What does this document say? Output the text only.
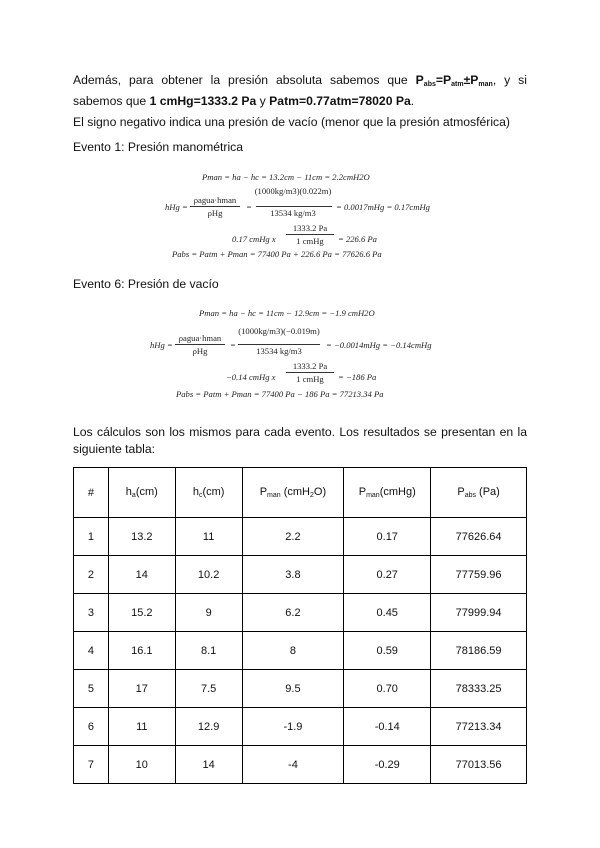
Además, para obtener la presión absoluta sabemos que $P_{abs}=P_{atm}\pm P_{man}$, y si sabemos que 1 cmHg=1333.2 Pa y Patm=0.77atm=78020 Pa.
El signo negativo indica una presión de vacío (menor que la presión atmosférica)
Evento 1: Presión manométrica
Pman = ha − hc = 13.2cm − 11cm = 2.2cmH2O
hHg =
ρagua·hman
ρHg
=
(1000kg/m3)(0.022m)
13534 kg/m3
= 0.0017mHg = 0.17cmHg
0.17 cmHg x
1333.2 Pa
1 cmHg	= 226.6 Pa
Pabs = Patm + Pman = 77400 Pa + 226.6 Pa = 77626.6 Pa
Evento 6: Presión de vacío
Pman = ha − hc = 11cm − 12.9cm = −1.9 cmH2O
hHg =
ρagua·hman
ρHg
=
(1000kg/m3)(−0.019m)
13534 kg/m3
= −0.0014mHg = −0.14cmHg
−0.14 cmHg x
1333.2 Pa
1 cmHg	= −186 Pa
Pabs = Patm + Pman = 77400 Pa − 186 Pa = 77213.34 Pa
Los cálculos son los mismos para cada evento. Los resultados se presentan en la siguiente tabla:
#	$h_a(cm)$	$h_c(cm)$	$P_{man}$ (cmH$_2$O)	$P_{man}(cmHg)$	$P_{abs}$ (Pa)
1	13.2	11	2.2	0.17	77626.64
2	14	10.2	3.8	0.27	77759.96
3	15.2	9	6.2	0.45	77999.94
4	16.1	8.1	8	0.59	78186.59
5	17	7.5	9.5	0.70	78333.25
6	11	12.9	-1.9	-0.14	77213.34
7	10	14	-4	-0.29	77013.56
